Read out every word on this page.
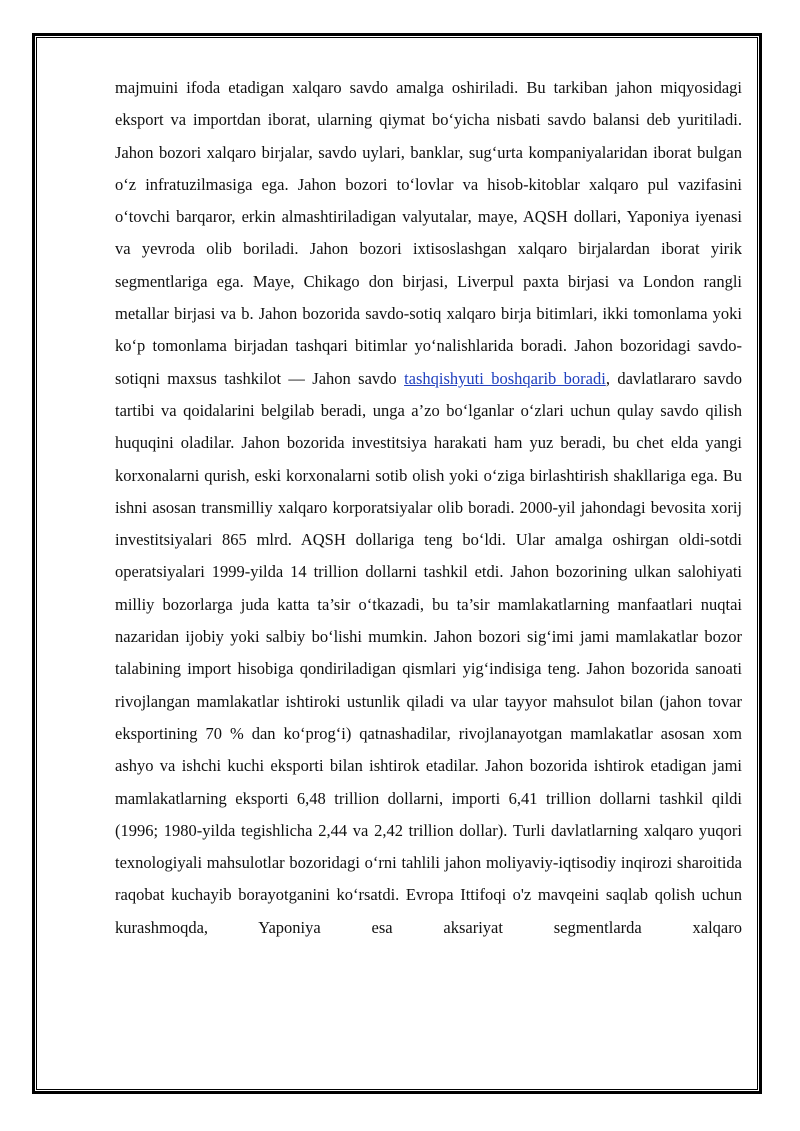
majmuini ifoda etadigan xalqaro savdo amalga oshiriladi. Bu tarkiban jahon miqyosidagi eksport va importdan iborat, ularning qiymat bo‘yicha nisbati savdo balansi deb yuritiladi. Jahon bozori xalqaro birjalar, savdo uylari, banklar, sug‘urta kompaniyalaridan iborat bulgan o‘z infratuzilmasiga ega. Jahon bozori to‘lovlar va hisob-kitoblar xalqaro pul vazifasini o‘tovchi barqaror, erkin almashtiriladigan valyutalar, maye, AQSH dollari, Yaponiya iyenasi va yevroda olib boriladi. Jahon bozori ixtisoslashgan xalqaro birjalardan iborat yirik segmentlariga ega. Maye, Chikago don birjasi, Liverpul paxta birjasi va London rangli metallar birjasi va b. Jahon bozorida savdo-sotiq xalqaro birja bitimlari, ikki tomonlama yoki ko‘p tomonlama birjadan tashqari bitimlar yo‘nalishlarida boradi. Jahon bozoridagi savdo-sotiqni maxsus tashkilot — Jahon savdo tashqishyuti boshqarib boradi, davlatlararo savdo tartibi va qoidalarini belgilab beradi, unga a’zo bo‘lganlar o‘zlari uchun qulay savdo qilish huquqini oladilar. Jahon bozorida investitsiya harakati ham yuz beradi, bu chet elda yangi korxonalarni qurish, eski korxonalarni sotib olish yoki o‘ziga birlashtirish shakllariga ega. Bu ishni asosan transmilliy xalqaro korporatsiyalar olib boradi. 2000-yil jahondagi bevosita xorij investitsiyalari 865 mlrd. AQSH dollariga teng bo‘ldi. Ular amalga oshirgan oldi-sotdi operatsiyalari 1999-yilda 14 trillion dollarni tashkil etdi. Jahon bozorining ulkan salohiyati milliy bozorlarga juda katta ta’sir o‘tkazadi, bu ta’sir mamlakatlarning manfaatlari nuqtai nazaridan ijobiy yoki salbiy bo‘lishi mumkin. Jahon bozori sig‘imi jami mamlakatlar bozor talabining import hisobiga qondiriladigan qismlari yig‘indisiga teng. Jahon bozorida sanoati rivojlangan mamlakatlar ishtiroki ustunlik qiladi va ular tayyor mahsulot bilan (jahon tovar eksportining 70 % dan ko‘prog‘i) qatnashadilar, rivojlanayotgan mamlakatlar asosan xom ashyo va ishchi kuchi eksporti bilan ishtirok etadilar. Jahon bozorida ishtirok etadigan jami mamlakatlarning eksporti 6,48 trillion dollarni, importi 6,41 trillion dollarni tashkil qildi (1996; 1980-yilda tegishlicha 2,44 va 2,42 trillion dollar). Turli davlatlarning xalqaro yuqori texnologiyali mahsulotlar bozoridagi o‘rni tahlili jahon moliyaviy-iqtisodiy inqirozi sharoitida raqobat kuchayib borayotganini ko‘rsatdi. Evropa Ittifoqi o'z mavqeini saqlab qolish uchun kurashmoqda, Yaponiya esa aksariyat segmentlarda xalqaro
